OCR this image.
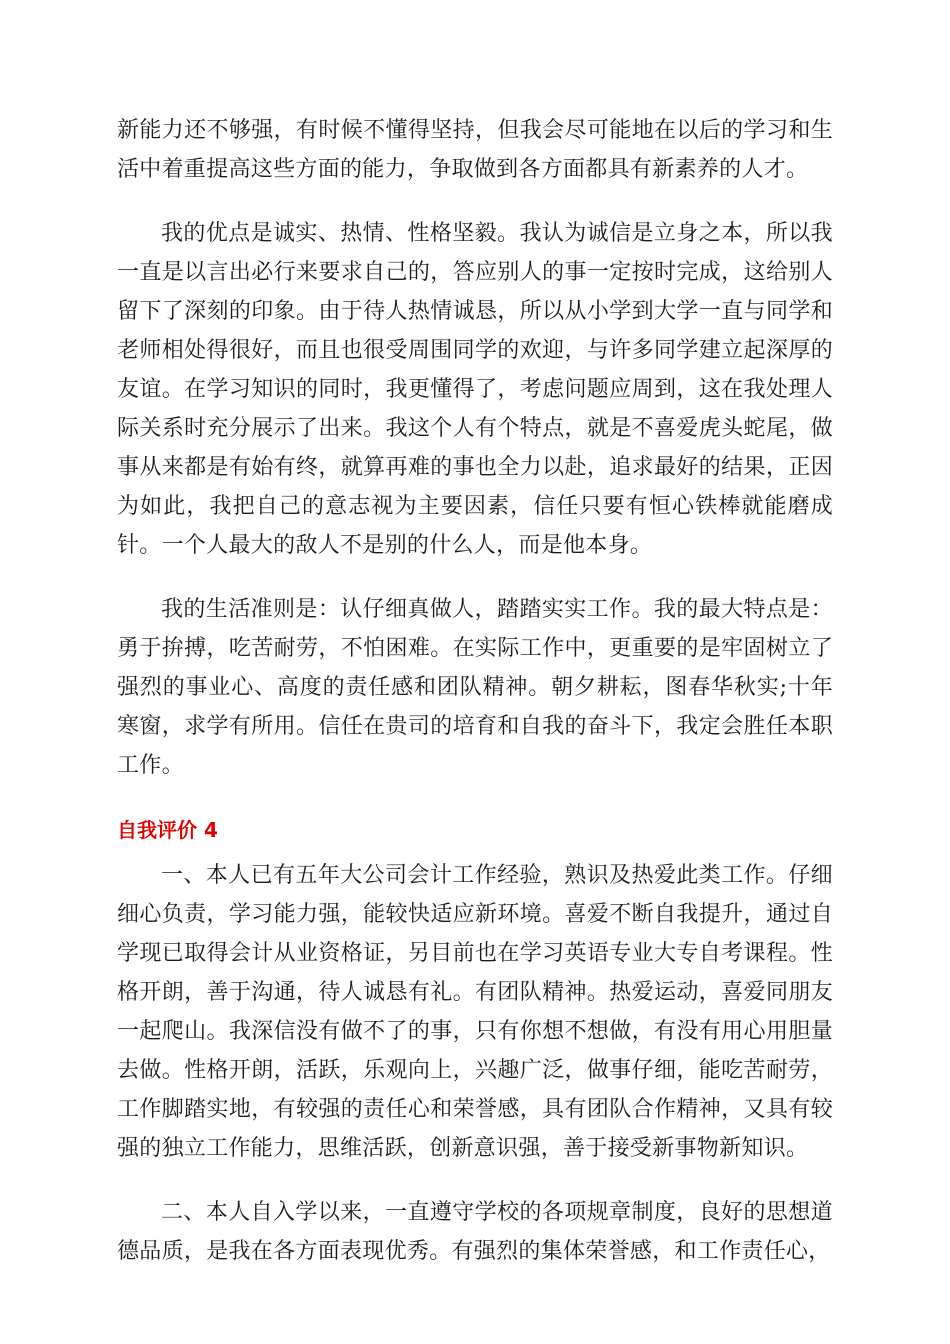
新能力还不够强，有时候不懂得坚持，但我会尽可能地在以后的学习和生活中着重提高这些方面的能力，争取做到各方面都具有新素养的人才。

我的优点是诚实、热情、性格坚毅。我认为诚信是立身之本，所以我一直是以言出必行来要求自己的，答应别人的事一定按时完成，这给别人留下了深刻的印象。由于待人热情诚恳，所以从小学到大学一直与同学和老师相处得很好，而且也很受周围同学的欢迎，与许多同学建立起深厚的友谊。在学习知识的同时，我更懂得了，考虑问题应周到，这在我处理人际关系时充分展示了出来。我这个人有个特点，就是不喜爱虎头蛇尾，做事从来都是有始有终，就算再难的事也全力以赴，追求最好的结果，正因为如此，我把自己的意志视为主要因素，信任只要有恒心铁棒就能磨成针。一个人最大的敌人不是别的什么人，而是他本身。

我的生活准则是：认仔细真做人，踏踏实实工作。我的最大特点是：勇于拚搏，吃苦耐劳，不怕困难。在实际工作中，更重要的是牢固树立了强烈的事业心、高度的责任感和团队精神。朝夕耕耘，图春华秋实;十年寒窗，求学有所用。信任在贵司的培育和自我的奋斗下，我定会胜任本职工作。

自我评价 4

一、本人已有五年大公司会计工作经验，熟识及热爱此类工作。仔细细心负责，学习能力强，能较快适应新环境。喜爱不断自我提升，通过自学现已取得会计从业资格证，另目前也在学习英语专业大专自考课程。性格开朗，善于沟通，待人诚恳有礼。有团队精神。热爱运动，喜爱同朋友一起爬山。我深信没有做不了的事，只有你想不想做，有没有用心用胆量去做。性格开朗，活跃，乐观向上，兴趣广泛，做事仔细，能吃苦耐劳，工作脚踏实地，有较强的责任心和荣誉感，具有团队合作精神，又具有较强的独立工作能力，思维活跃，创新意识强，善于接受新事物新知识。

二、本人自入学以来，一直遵守学校的各项规章制度，良好的思想道德品质，是我在各方面表现优秀。有强烈的集体荣誉感，和工作责任心，
